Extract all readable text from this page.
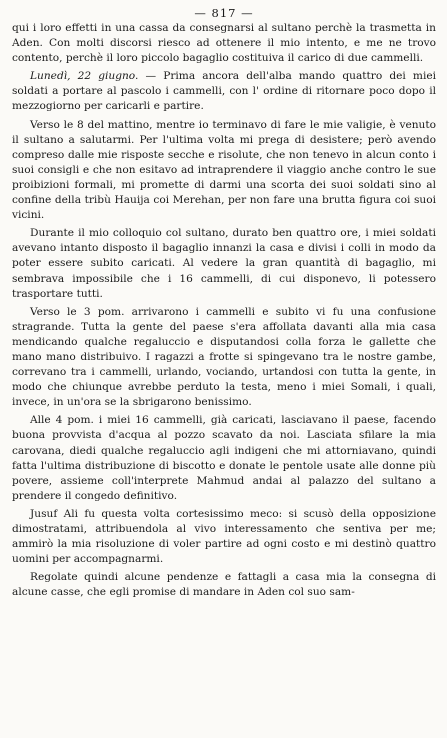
— 817 —

qui i loro effetti in una cassa da consegnarsi al sultano perchè la trasmetta in Aden. Con molti discorsi riesco ad ottenere il mio intento, e me ne trovo contento, perchè il loro piccolo bagaglio costituiva il carico di due cammelli.

Lunedì, 22 giugno. — Prima ancora dell'alba mando quattro dei miei soldati a portare al pascolo i cammelli, con l' ordine di ritornare poco dopo il mezzogiorno per caricarli e partire.

Verso le 8 del mattino, mentre io terminavo di fare le mie valigie, è venuto il sultano a salutarmi. Per l'ultima volta mi prega di desistere; però avendo compreso dalle mie risposte secche e risolute, che non tenevo in alcun conto i suoi consigli e che non esitavo ad intraprendere il viaggio anche contro le sue proibizioni formali, mi promette di darmi una scorta dei suoi soldati sino al confine della tribù Hauija coi Merehan, per non fare una brutta figura coi suoi vicini.

Durante il mio colloquio col sultano, durato ben quattro ore, i miei soldati avevano intanto disposto il bagaglio innanzi la casa e divisi i colli in modo da poter essere subito caricati. Al vedere la gran quantità di bagaglio, mi sembrava impossibile che i 16 cammelli, di cui disponevo, li potessero trasportare tutti.

Verso le 3 pom. arrivarono i cammelli e subito vi fu una confusione stragrande. Tutta la gente del paese s'era affollata davanti alla mia casa mendicando qualche regaluccio e disputandosi colla forza le gallette che mano mano distribuivo. I ragazzi a frotte si spingevano tra le nostre gambe, correvano tra i cammelli, urlando, vociando, urtandosi con tutta la gente, in modo che chiunque avrebbe perduto la testa, meno i miei Somali, i quali, invece, in un'ora se la sbrigarono benissimo.

Alle 4 pom. i miei 16 cammelli, già caricati, lasciavano il paese, facendo buona provvista d'acqua al pozzo scavato da noi. Lasciata sfilare la mia carovana, diedi qualche regaluccio agli indigeni che mi attorniavano, quindi fatta l'ultima distribuzione di biscotto e donate le pentole usate alle donne più povere, assieme coll'interprete Mahmud andai al palazzo del sultano a prendere il congedo definitivo.

Jusuf Ali fu questa volta cortesissimo meco: si scusò della opposizione dimostratami, attribuendola al vivo interessamento che sentiva per me; ammirò la mia risoluzione di voler partire ad ogni costo e mi destinò quattro uomini per accompagnarmi.

Regolate quindi alcune pendenze e fattagli a casa mia la consegna di alcune casse, che egli promise di mandare in Aden col suo sam-
